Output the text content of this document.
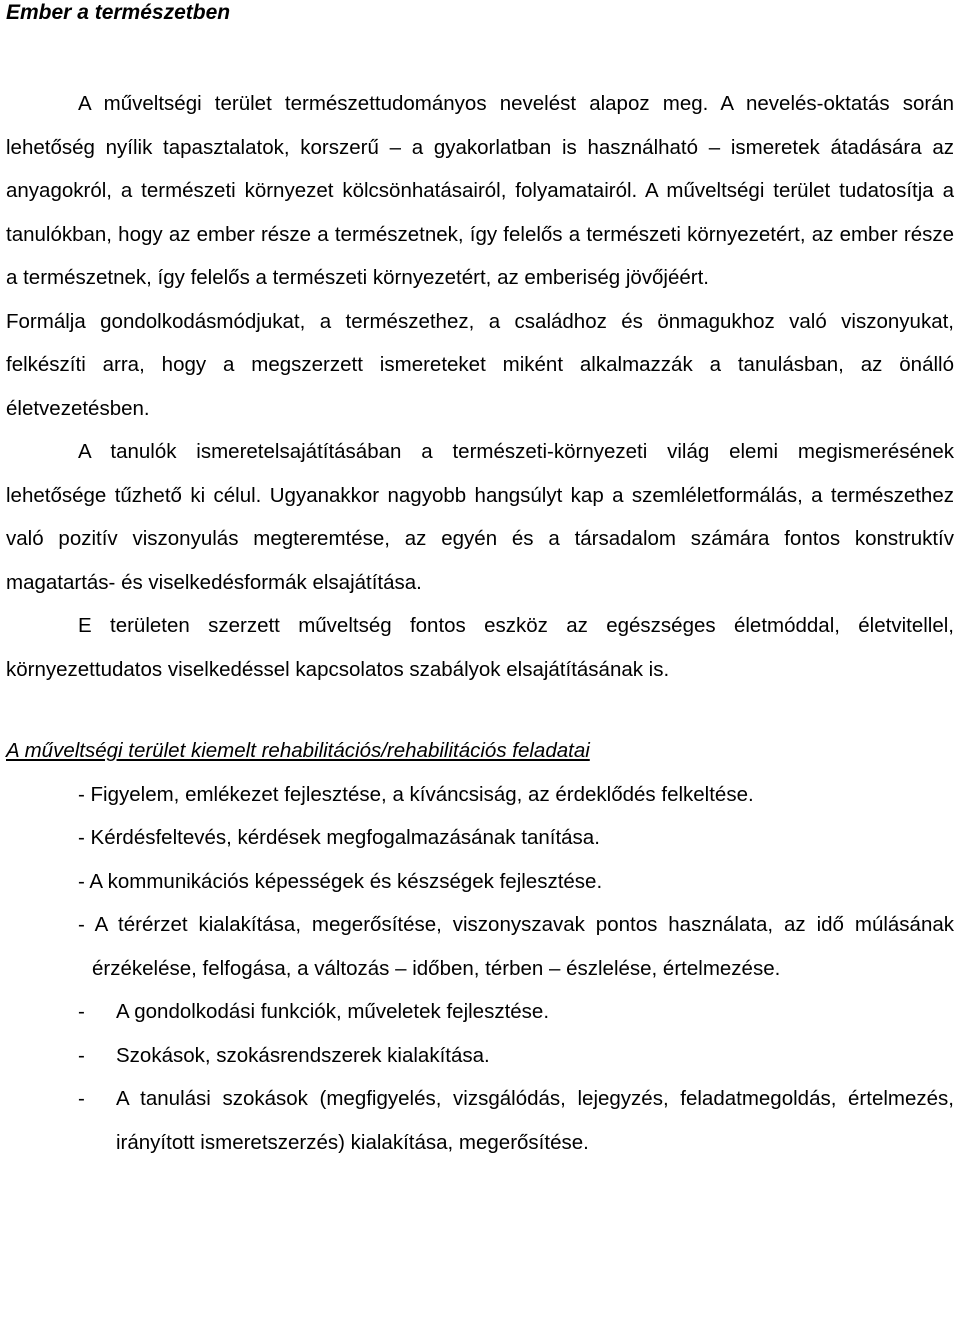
Ember a természetben

A műveltségi terület természettudományos nevelést alapoz meg. A nevelés-oktatás során lehetőség nyílik tapasztalatok, korszerű – a gyakorlatban is használható – ismeretek átadására az anyagokról, a természeti környezet kölcsönhatásairól, folyamatairól. A műveltségi terület tudatosítja a tanulókban, hogy az ember része a természetnek, így felelős a természeti környezetért, az ember része a természetnek, így felelős a természeti környezetért, az emberiség jövőjéért.

Formálja gondolkodásmódjukat, a természethez, a családhoz és önmagukhoz való viszonyukat, felkészíti arra, hogy a megszerzett ismereteket miként alkalmazzák a tanulásban, az önálló életvezetésben.

A tanulók ismeretelsajátításában a természeti-környezeti világ elemi megismerésének lehetősége tűzhető ki célul. Ugyanakkor nagyobb hangsúlyt kap a szemléletformálás, a természethez való pozitív viszonyulás megteremtése, az egyén és a társadalom számára fontos konstruktív magatartás- és viselkedésformák elsajátítása.

E területen szerzett műveltség fontos eszköz az egészséges életmóddal, életvitellel, környezettudatos viselkedéssel kapcsolatos szabályok elsajátításának is.

A műveltségi terület kiemelt rehabilitációs/rehabilitációs feladatai
- Figyelem, emlékezet fejlesztése, a kíváncsiság, az érdeklődés felkeltése.
- Kérdésfeltevés, kérdések megfogalmazásának tanítása.
- A kommunikációs képességek és készségek fejlesztése.
- A térérzet kialakítása, megerősítése, viszonyszavak pontos használata, az idő múlásának érzékelése, felfogása, a változás – időben, térben – észlelése, értelmezése.
-	A gondolkodási funkciók, műveletek fejlesztése.
-	Szokások, szokásrendszerek kialakítása.
-	A tanulási szokások (megfigyelés, vizsgálódás, lejegyzés, feladatmegoldás, értelmezés, irányított ismeretszerzés) kialakítása, megerősítése.
